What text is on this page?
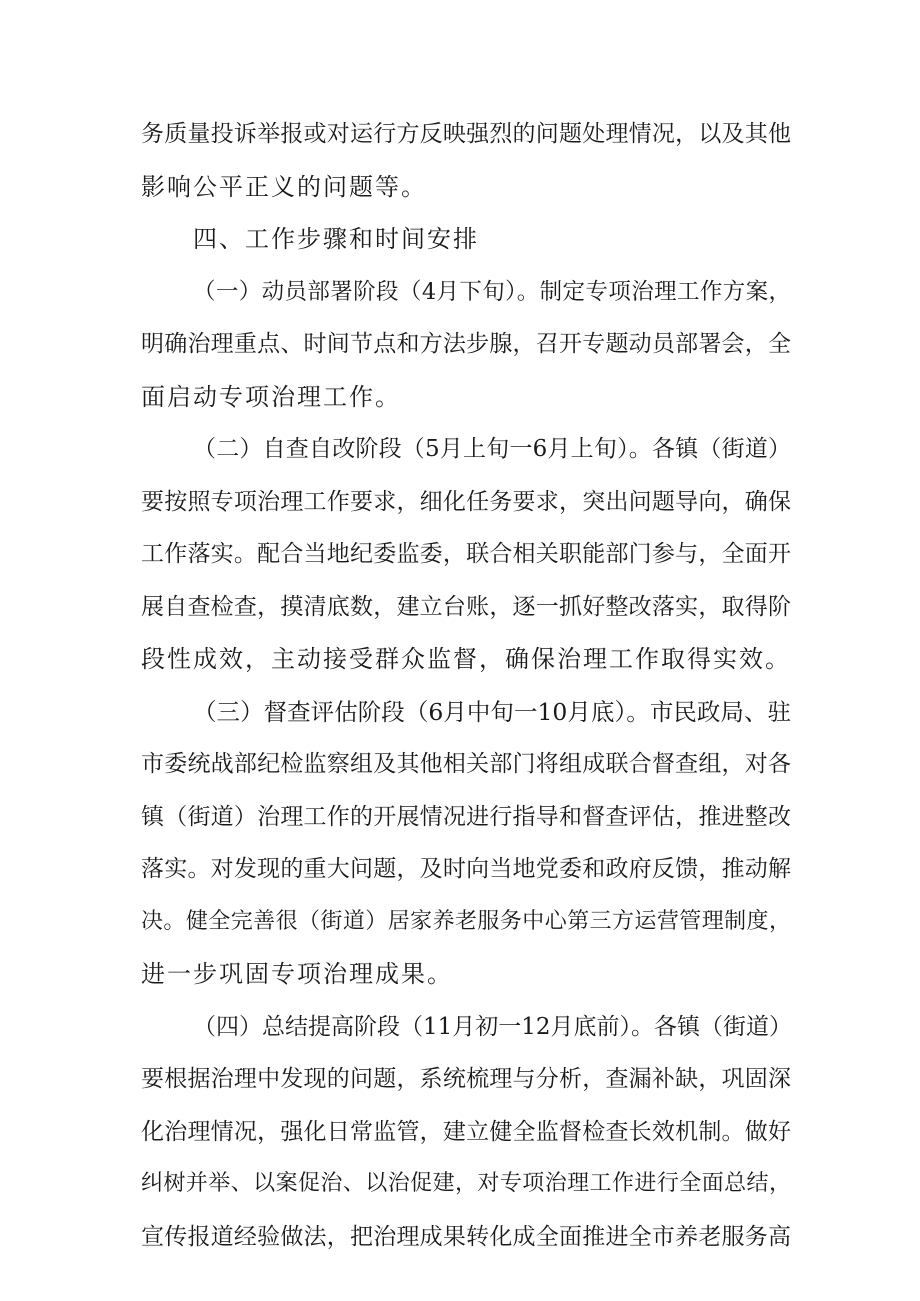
务质量投诉举报或对运行方反映强烈的问题处理情况，以及其他
影响公平正义的问题等。
四、工作步骤和时间安排
（一）动员部署阶段（4月下旬）。制定专项治理工作方案，
明确治理重点、时间节点和方法步腺，召开专题动员部署会，全
面启动专项治理工作。
（二）自查自改阶段（5月上旬一6月上旬）。各镇（街道）
要按照专项治理工作要求，细化任务要求，突出问题导向，确保
工作落实。配合当地纪委监委，联合相关职能部门参与，全面开
展自查检查，摸清底数，建立台账，逐一抓好整改落实，取得阶
段性成效，主动接受群众监督，确保治理工作取得实效。
（三）督查评估阶段（6月中旬一10月底）。市民政局、驻
市委统战部纪检监察组及其他相关部门将组成联合督查组，对各
镇（街道）治理工作的开展情况进行指导和督查评估，推进整改
落实。对发现的重大问题，及时向当地党委和政府反馈，推动解
决。健全完善很（街道）居家养老服务中心第三方运营管理制度，
进一步巩固专项治理成果。
（四）总结提高阶段（11月初一12月底前）。各镇（街道）
要根据治理中发现的问题，系统梳理与分析，查漏补缺，巩固深
化治理情况，强化日常监管，建立健全监督检查长效机制。做好
纠树并举、以案促治、以治促建，对专项治理工作进行全面总结，
宣传报道经验做法，把治理成果转化成全面推进全市养老服务高
